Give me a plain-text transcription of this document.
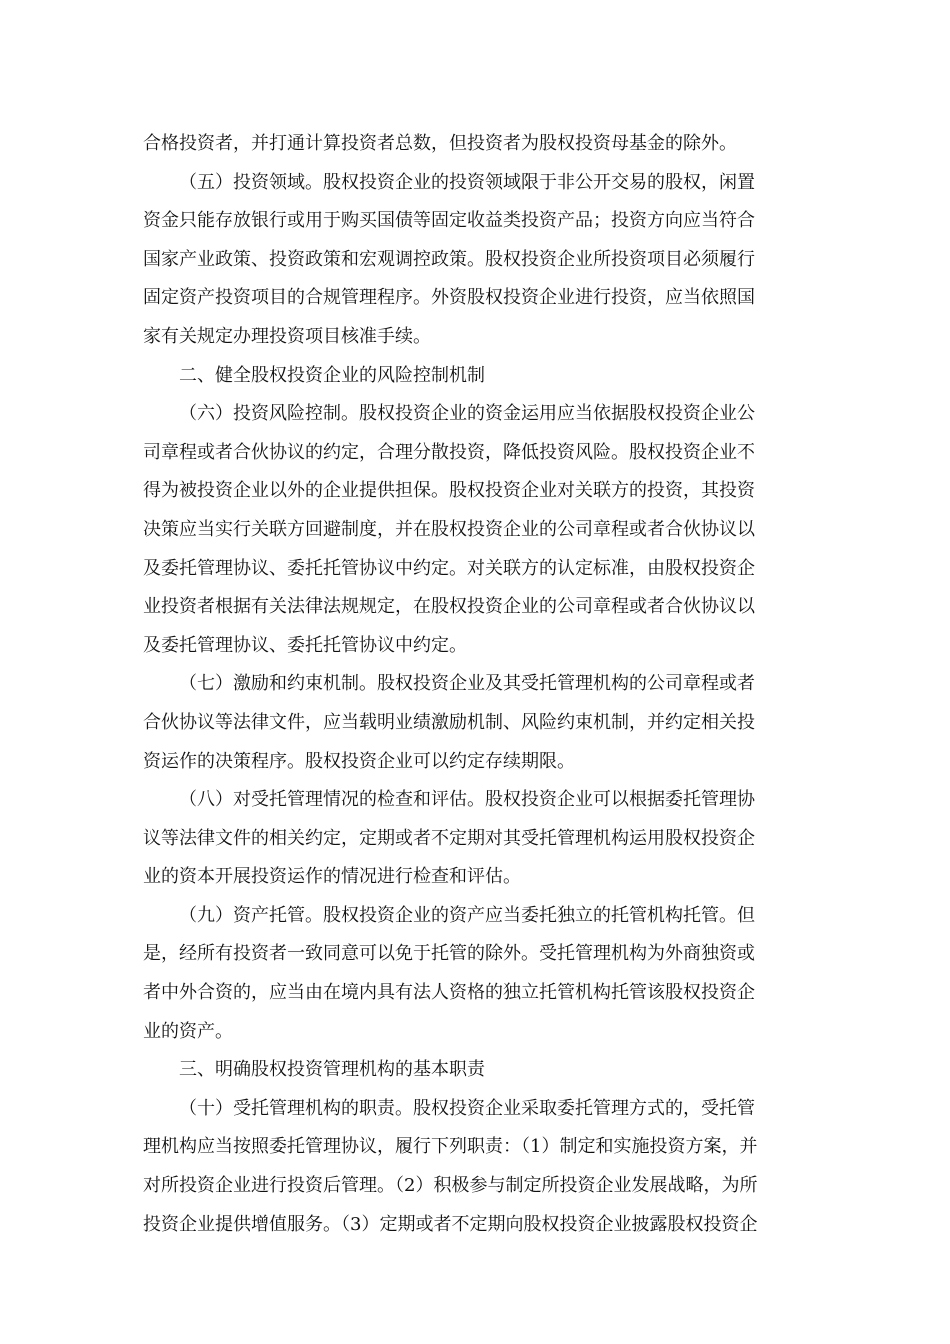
合格投资者，并打通计算投资者总数，但投资者为股权投资母基金的除外。
（五）投资领域。股权投资企业的投资领域限于非公开交易的股权，闲置
资金只能存放银行或用于购买国债等固定收益类投资产品；投资方向应当符合
国家产业政策、投资政策和宏观调控政策。股权投资企业所投资项目必须履行
固定资产投资项目的合规管理程序。外资股权投资企业进行投资，应当依照国
家有关规定办理投资项目核准手续。
二、健全股权投资企业的风险控制机制
（六）投资风险控制。股权投资企业的资金运用应当依据股权投资企业公
司章程或者合伙协议的约定，合理分散投资，降低投资风险。股权投资企业不
得为被投资企业以外的企业提供担保。股权投资企业对关联方的投资，其投资
决策应当实行关联方回避制度，并在股权投资企业的公司章程或者合伙协议以
及委托管理协议、委托托管协议中约定。对关联方的认定标准，由股权投资企
业投资者根据有关法律法规规定，在股权投资企业的公司章程或者合伙协议以
及委托管理协议、委托托管协议中约定。
（七）激励和约束机制。股权投资企业及其受托管理机构的公司章程或者
合伙协议等法律文件，应当载明业绩激励机制、风险约束机制，并约定相关投
资运作的决策程序。股权投资企业可以约定存续期限。
（八）对受托管理情况的检查和评估。股权投资企业可以根据委托管理协
议等法律文件的相关约定，定期或者不定期对其受托管理机构运用股权投资企
业的资本开展投资运作的情况进行检查和评估。
（九）资产托管。股权投资企业的资产应当委托独立的托管机构托管。但
是，经所有投资者一致同意可以免于托管的除外。受托管理机构为外商独资或
者中外合资的，应当由在境内具有法人资格的独立托管机构托管该股权投资企
业的资产。
三、明确股权投资管理机构的基本职责
（十）受托管理机构的职责。股权投资企业采取委托管理方式的，受托管
理机构应当按照委托管理协议，履行下列职责：（1）制定和实施投资方案，并
对所投资企业进行投资后管理。（2）积极参与制定所投资企业发展战略，为所
投资企业提供增值服务。（3）定期或者不定期向股权投资企业披露股权投资企
